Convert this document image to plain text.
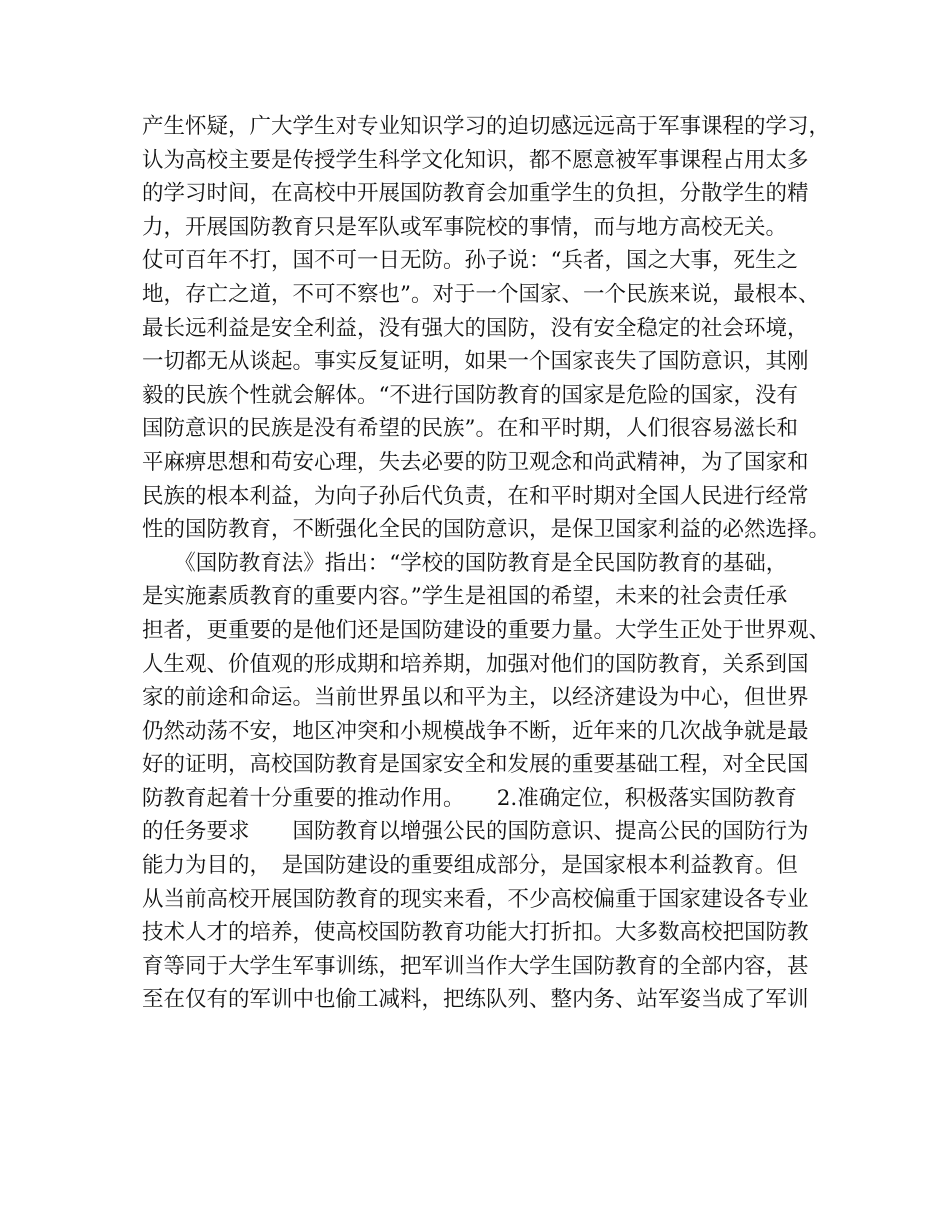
产生怀疑，广大学生对专业知识学习的迫切感远远高于军事课程的学习，
认为高校主要是传授学生科学文化知识，都不愿意被军事课程占用太多
的学习时间，在高校中开展国防教育会加重学生的负担，分散学生的精
力，开展国防教育只是军队或军事院校的事情，而与地方高校无关。
仗可百年不打，国不可一日无防。孙子说：“兵者，国之大事，死生之
地，存亡之道，不可不察也”。对于一个国家、一个民族来说，最根本、
最长远利益是安全利益，没有强大的国防，没有安全稳定的社会环境，
一切都无从谈起。事实反复证明，如果一个国家丧失了国防意识，其刚
毅的民族个性就会解体。“不进行国防教育的国家是危险的国家，没有
国防意识的民族是没有希望的民族”。在和平时期，人们很容易滋长和
平麻痹思想和苟安心理，失去必要的防卫观念和尚武精神，为了国家和
民族的根本利益，为向子孙后代负责，在和平时期对全国人民进行经常
性的国防教育，不断强化全民的国防意识，是保卫国家利益的必然选择。
　　《国防教育法》指出：“学校的国防教育是全民国防教育的基础，
是实施素质教育的重要内容。”学生是祖国的希望，未来的社会责任承
担者，更重要的是他们还是国防建设的重要力量。大学生正处于世界观、
人生观、价值观的形成期和培养期，加强对他们的国防教育，关系到国
家的前途和命运。当前世界虽以和平为主，以经济建设为中心，但世界
仍然动荡不安，地区冲突和小规模战争不断，近年来的几次战争就是最
好的证明，高校国防教育是国家安全和发展的重要基础工程，对全民国
防教育起着十分重要的推动作用。　　2.准确定位，积极落实国防教育
的任务要求　　国防教育以增强公民的国防意识、提高公民的国防行为
能力为目的，　是国防建设的重要组成部分，是国家根本利益教育。但
从当前高校开展国防教育的现实来看，不少高校偏重于国家建设各专业
技术人才的培养，使高校国防教育功能大打折扣。大多数高校把国防教
育等同于大学生军事训练，把军训当作大学生国防教育的全部内容，甚
至在仅有的军训中也偷工减料，把练队列、整内务、站军姿当成了军训
